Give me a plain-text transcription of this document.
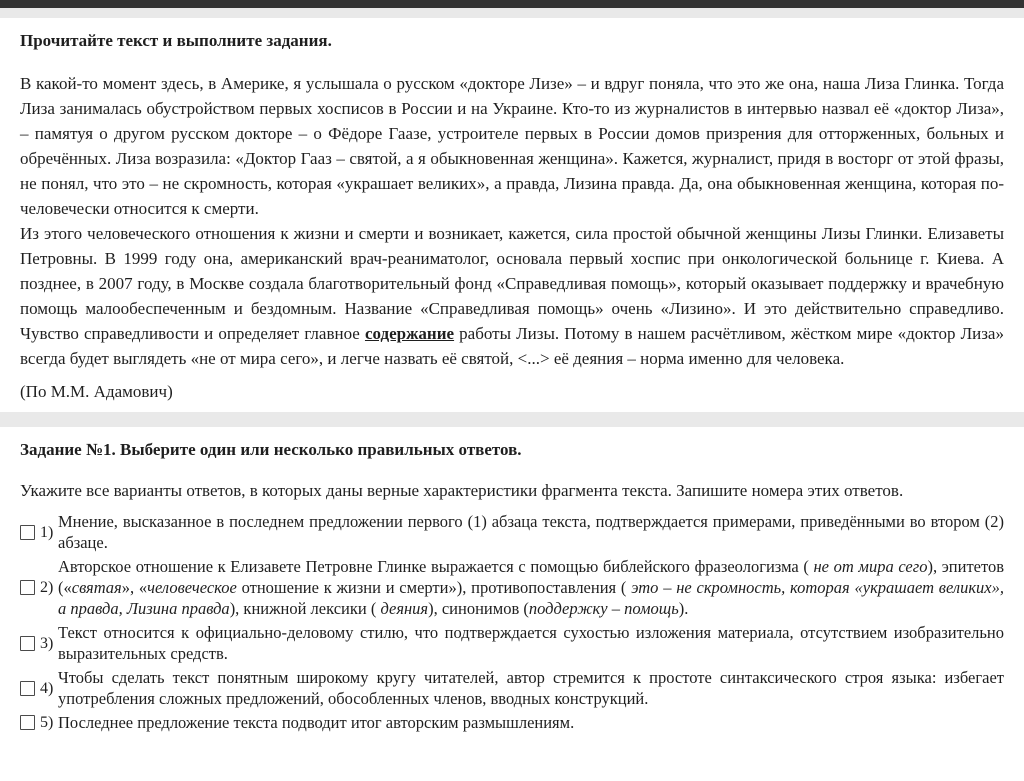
Прочитайте текст и выполните задания.

В какой-то момент здесь, в Америке, я услышала о русском «докторе Лизе» – и вдруг поняла, что это же она, наша Лиза Глинка. Тогда Лиза занималась обустройством первых хосписов в России и на Украине. Кто-то из журналистов в интервью назвал её «доктор Лиза», – памятуя о другом русском докторе – о Фёдоре Гаазе, устроителе первых в России домов призрения для отторженных, больных и обречённых. Лиза возразила: «Доктор Гааз – святой, а я обыкновенная женщина». Кажется, журналист, придя в восторг от этой фразы, не понял, что это – не скромность, которая «украшает великих», а правда, Лизина правда. Да, она обыкновенная женщина, которая по-человечески относится к смерти.

Из этого человеческого отношения к жизни и смерти и возникает, кажется, сила простой обычной женщины Лизы Глинки. Елизаветы Петровны. В 1999 году она, американский врач-реаниматолог, основала первый хоспис при онкологической больнице г. Киева. А позднее, в 2007 году, в Москве создала благотворительный фонд «Справедливая помощь», который оказывает поддержку и врачебную помощь малообеспеченным и бездомным. Название «Справедливая помощь» очень «Лизино». И это действительно справедливо. Чувство справедливости и определяет главное содержание работы Лизы. Потому в нашем расчётливом, жёстком мире «доктор Лиза» всегда будет выглядеть «не от мира сего», и легче назвать её святой, <...> её деяния – норма именно для человека.

(По М.М. Адамович)

Задание №1. Выберите один или несколько правильных ответов.

Укажите все варианты ответов, в которых даны верные характеристики фрагмента текста. Запишите номера этих ответов.

1)
Мнение, высказанное в последнем предложении первого (1) абзаца текста, подтверждается примерами, приведёнными во втором (2) абзаце.
2)
Авторское отношение к Елизавете Петровне Глинке выражается с помощью библейского фразеологизма ( не от мира сего), эпитетов («святая», «человеческое отношение к жизни и смерти»), противопоставления ( это – не скромность, которая «украшает великих», а правда, Лизина правда), книжной лексики ( деяния), синонимов (поддержку – помощь).
3)
Текст относится к официально-деловому стилю, что подтверждается сухостью изложения материала, отсутствием изобразительно выразительных средств.
4)
Чтобы сделать текст понятным широкому кругу читателей, автор стремится к простоте синтаксического строя языка: избегает употребления сложных предложений, обособленных членов, вводных конструкций.
5) Последнее предложение текста подводит итог авторским размышлениям.
